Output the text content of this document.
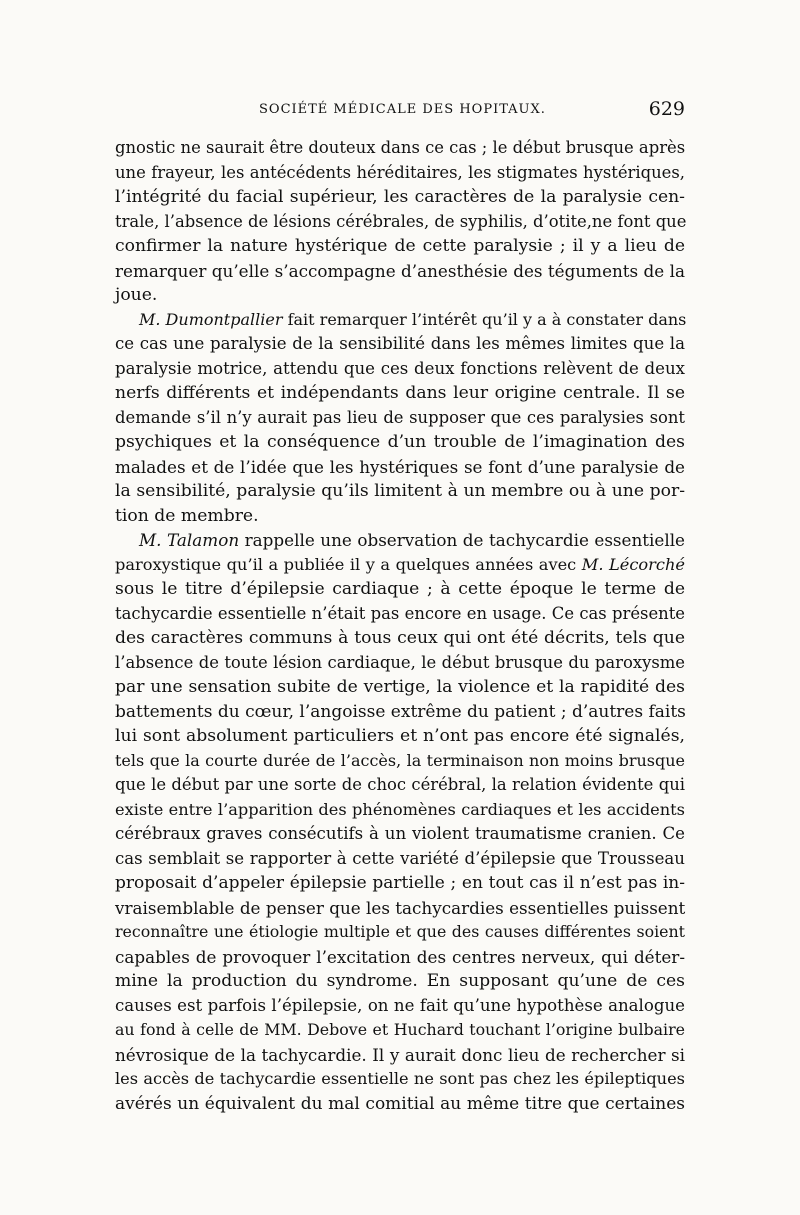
SOCIÉTÉ MÉDICALE DES HOPITAUX.	629
gnostic ne saurait être douteux dans ce cas ; le début brusque après
une frayeur, les antécédents héréditaires, les stigmates hystériques,
l’intégrité du facial supérieur, les caractères de la paralysie cen-
trale, l’absence de lésions cérébrales, de syphilis, d’otite,ne font que
confirmer la nature hystérique de cette paralysie ; il y a lieu de
remarquer qu’elle s’accompagne d’anesthésie des téguments de la
joue.
M. Dumontpallier fait remarquer l’intérêt qu’il y a à constater dans
ce cas une paralysie de la sensibilité dans les mêmes limites que la
paralysie motrice, attendu que ces deux fonctions relèvent de deux
nerfs différents et indépendants dans leur origine centrale. Il se
demande s’il n’y aurait pas lieu de supposer que ces paralysies sont
psychiques et la conséquence d’un trouble de l’imagination des
malades et de l’idée que les hystériques se font d’une paralysie de
la sensibilité, paralysie qu’ils limitent à un membre ou à une por-
tion de membre.
M. Talamon rappelle une observation de tachycardie essentielle
paroxystique qu’il a publiée il y a quelques années avec M. Lécorché
sous le titre d’épilepsie cardiaque ; à cette époque le terme de
tachycardie essentielle n’était pas encore en usage. Ce cas présente
des caractères communs à tous ceux qui ont été décrits, tels que
l’absence de toute lésion cardiaque, le début brusque du paroxysme
par une sensation subite de vertige, la violence et la rapidité des
battements du cœur, l’angoisse extrême du patient ; d’autres faits
lui sont absolument particuliers et n’ont pas encore été signalés,
tels que la courte durée de l’accès, la terminaison non moins brusque
que le début par une sorte de choc cérébral, la relation évidente qui
existe entre l’apparition des phénomènes cardiaques et les accidents
cérébraux graves consécutifs à un violent traumatisme cranien. Ce
cas semblait se rapporter à cette variété d’épilepsie que Trousseau
proposait d’appeler épilepsie partielle ; en tout cas il n’est pas in-
vraisemblable de penser que les tachycardies essentielles puissent
reconnaître une étiologie multiple et que des causes différentes soient
capables de provoquer l’excitation des centres nerveux, qui déter-
mine la production du syndrome. En supposant qu’une de ces
causes est parfois l’épilepsie, on ne fait qu’une hypothèse analogue
au fond à celle de MM. Debove et Huchard touchant l’origine bulbaire
névrosique de la tachycardie. Il y aurait donc lieu de rechercher si
les accès de tachycardie essentielle ne sont pas chez les épileptiques
avérés un équivalent du mal comitial au même titre que certaines
